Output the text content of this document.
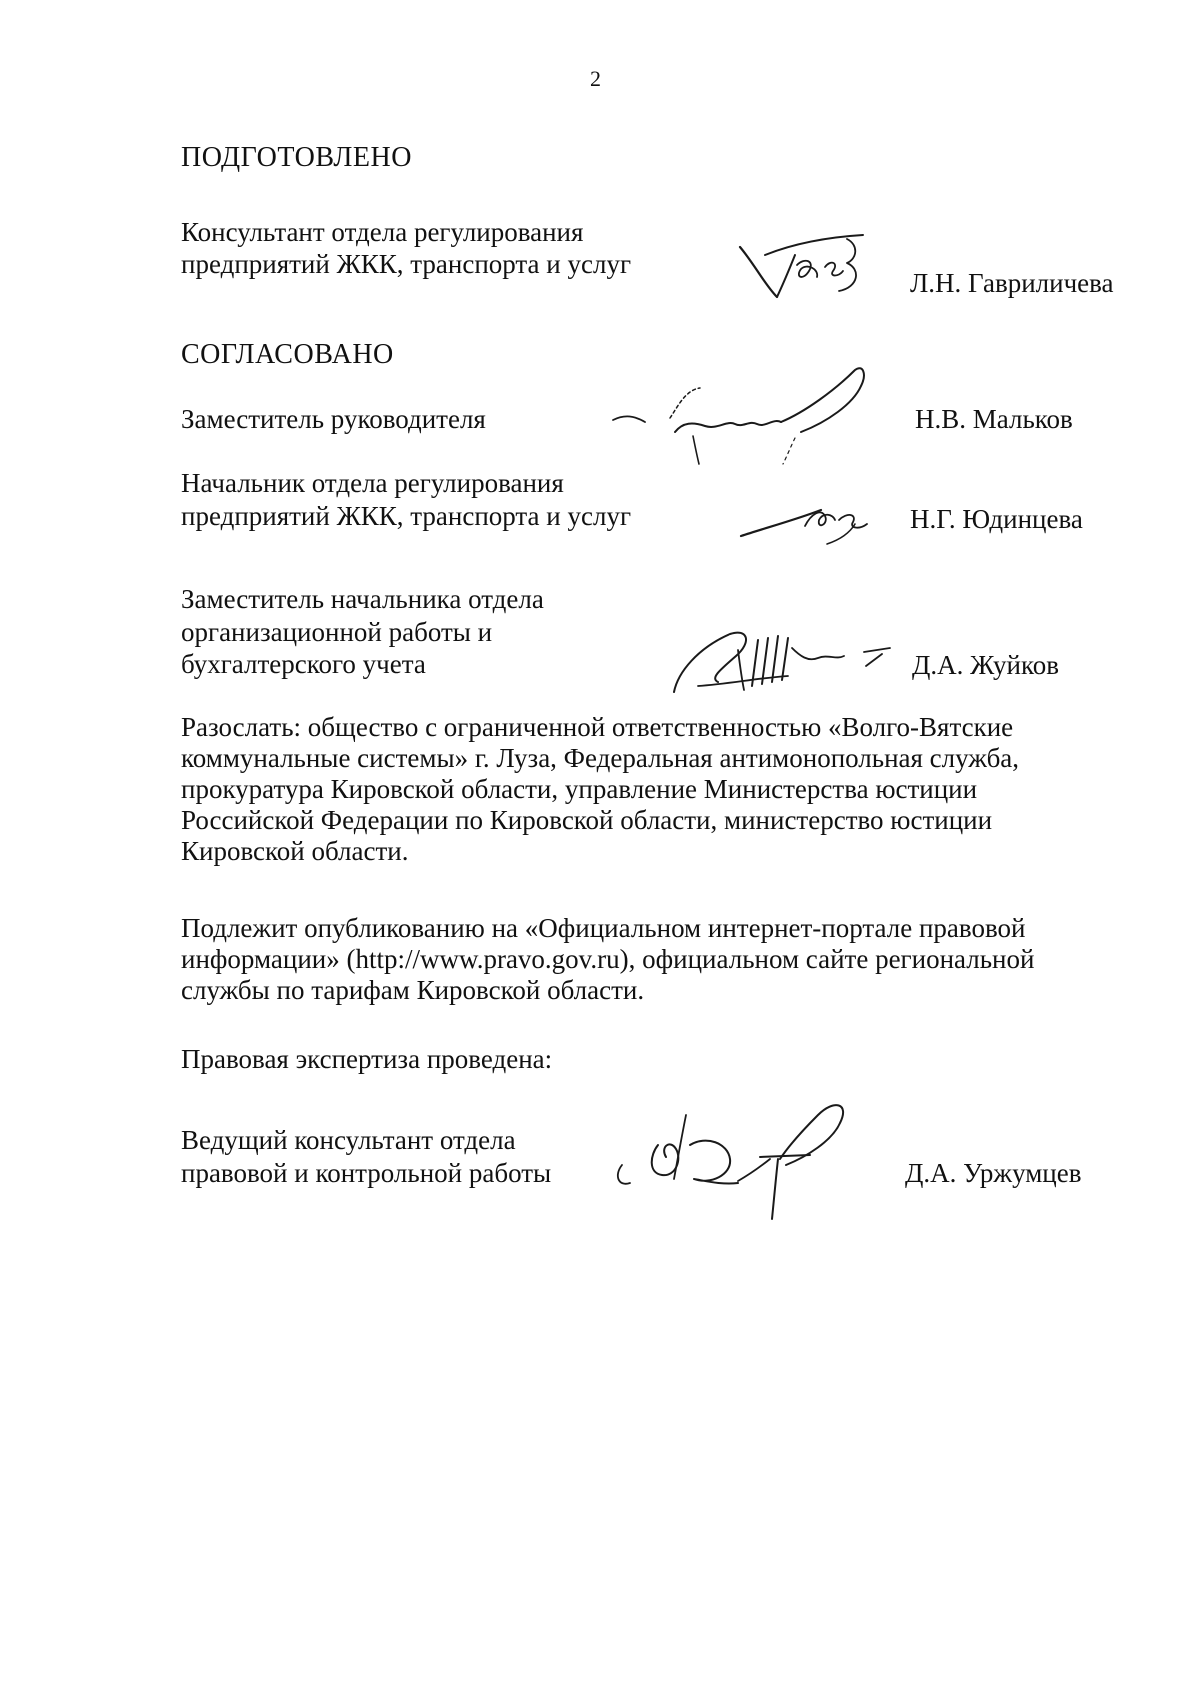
2
ПОДГОТОВЛЕНО
Консультант отдела регулирования
предприятий ЖКК, транспорта и услуг
Л.Н. Гавриличева
СОГЛАСОВАНО
Заместитель руководителя	Н.В. Мальков
Начальник отдела регулирования
предприятий ЖКК, транспорта и услуг	Н.Г. Юдинцева
Заместитель начальника отдела
организационной работы и
бухгалтерского учета	Д.А. Жуйков
Разослать: общество с ограниченной ответственностью «Волго-Вятские
коммунальные системы» г. Луза, Федеральная антимонопольная служба,
прокуратура Кировской области, управление Министерства юстиции
Российской Федерации по Кировской области, министерство юстиции
Кировской области.
Подлежит опубликованию на «Официальном интернет-портале правовой
информации» (http://www.pravo.gov.ru), официальном сайте региональной
службы по тарифам Кировской области.
Правовая экспертиза проведена:
Ведущий консультант отдела
правовой и контрольной работы	Д.А. Уржумцев
